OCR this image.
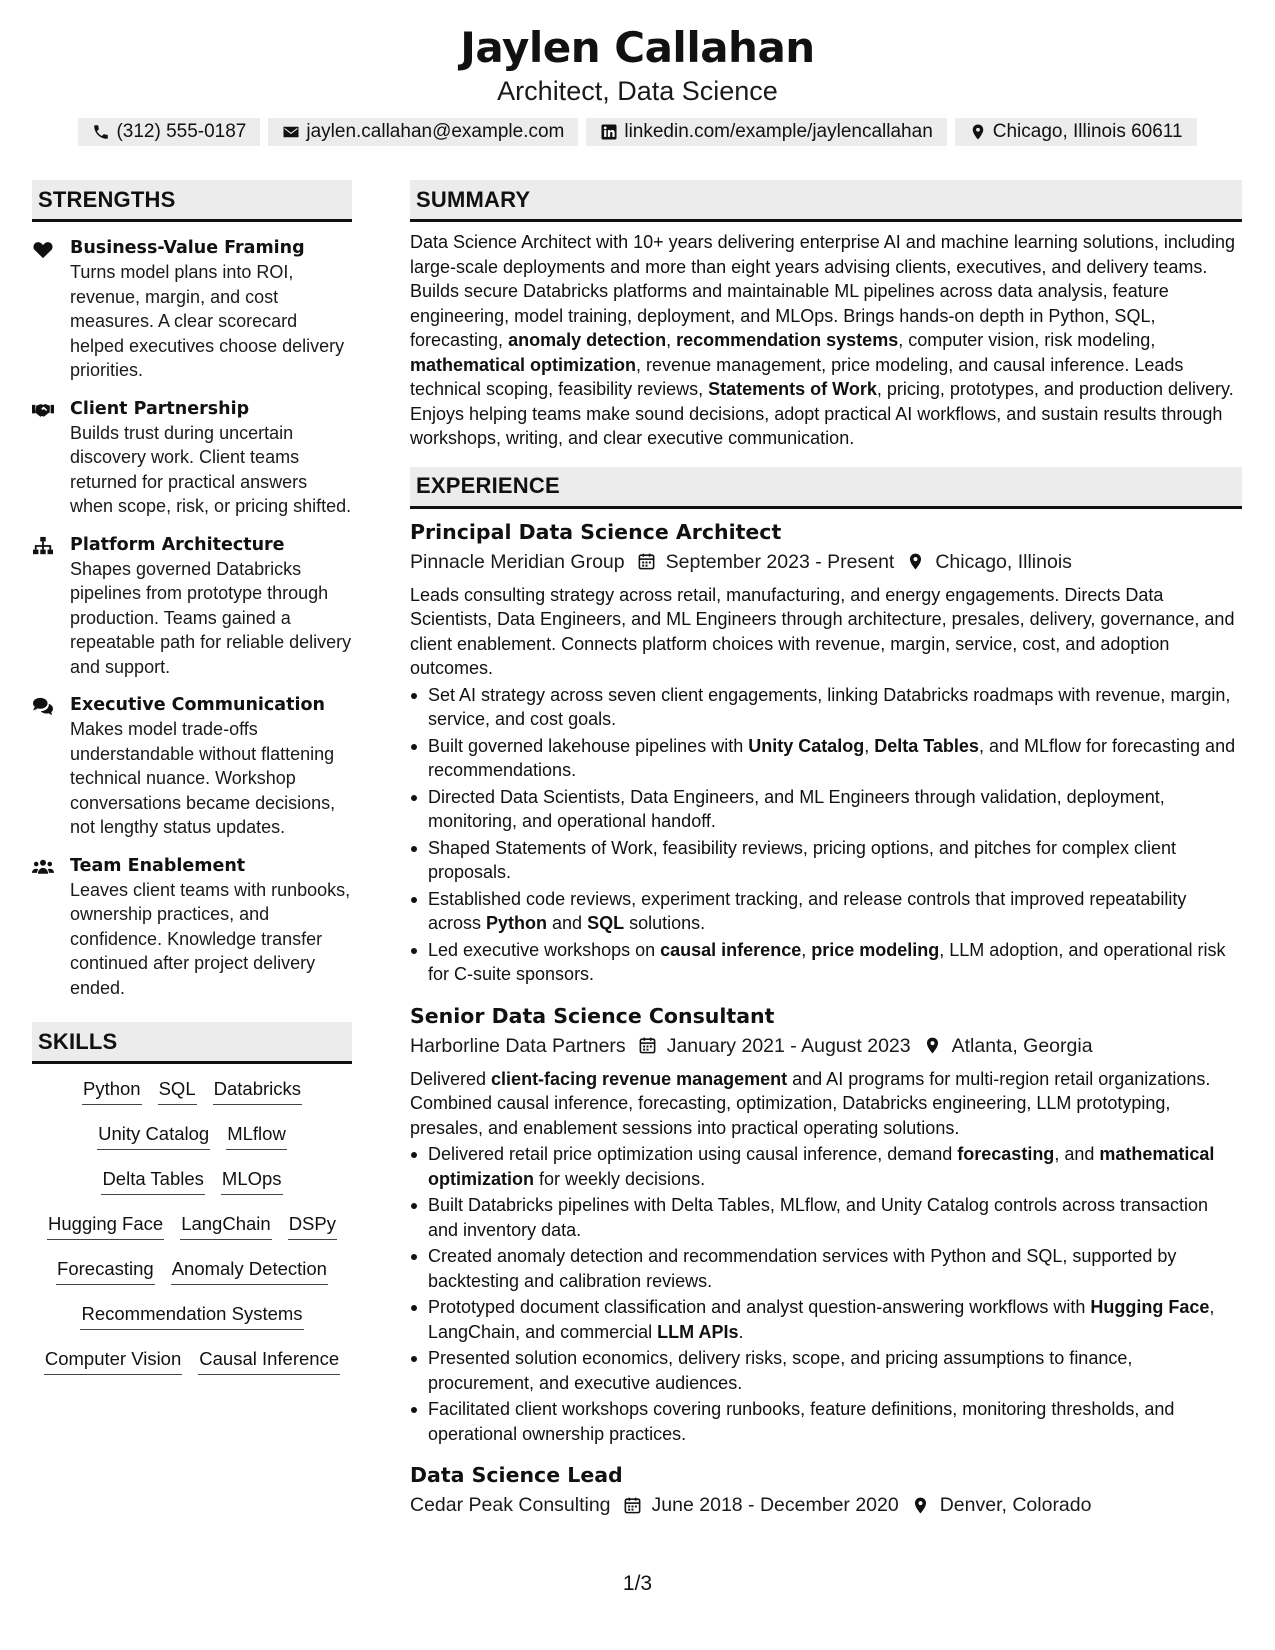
Jaylen Callahan
Architect, Data Science
(312) 555-0187	jaylen.callahan@example.com	linkedin.com/example/jaylencallahan	Chicago, Illinois 60611
STRENGTHS
Business-Value Framing
Turns model plans into ROI, revenue, margin, and cost measures. A clear scorecard helped executives choose delivery priorities.
Client Partnership
Builds trust during uncertain discovery work. Client teams returned for practical answers when scope, risk, or pricing shifted.
Platform Architecture
Shapes governed Databricks pipelines from prototype through production. Teams gained a repeatable path for reliable delivery and support.
Executive Communication
Makes model trade-offs understandable without flattening technical nuance. Workshop conversations became decisions, not lengthy status updates.
Team Enablement
Leaves client teams with runbooks, ownership practices, and confidence. Knowledge transfer continued after project delivery ended.
SKILLS
Python SQL Databricks
Unity Catalog MLflow
Delta Tables MLOps
Hugging Face LangChain DSPy
Forecasting Anomaly Detection
Recommendation Systems
Computer Vision Causal Inference
SUMMARY
Data Science Architect with 10+ years delivering enterprise AI and machine learning solutions, including large-scale deployments and more than eight years advising clients, executives, and delivery teams. Builds secure Databricks platforms and maintainable ML pipelines across data analysis, feature engineering, model training, deployment, and MLOps. Brings hands-on depth in Python, SQL, forecasting, anomaly detection, recommendation systems, computer vision, risk modeling, mathematical optimization, revenue management, price modeling, and causal inference. Leads technical scoping, feasibility reviews, Statements of Work, pricing, prototypes, and production delivery. Enjoys helping teams make sound decisions, adopt practical AI workflows, and sustain results through workshops, writing, and clear executive communication.
EXPERIENCE
Principal Data Science Architect
Pinnacle Meridian Group September 2023 - Present Chicago, Illinois
Leads consulting strategy across retail, manufacturing, and energy engagements. Directs Data Scientists, Data Engineers, and ML Engineers through architecture, presales, delivery, governance, and client enablement. Connects platform choices with revenue, margin, service, cost, and adoption outcomes.
Set AI strategy across seven client engagements, linking Databricks roadmaps with revenue, margin, service, and cost goals.
Built governed lakehouse pipelines with Unity Catalog, Delta Tables, and MLflow for forecasting and recommendations.
Directed Data Scientists, Data Engineers, and ML Engineers through validation, deployment, monitoring, and operational handoff.
Shaped Statements of Work, feasibility reviews, pricing options, and pitches for complex client proposals.
Established code reviews, experiment tracking, and release controls that improved repeatability across Python and SQL solutions.
Led executive workshops on causal inference, price modeling, LLM adoption, and operational risk for C-suite sponsors.
Senior Data Science Consultant
Harborline Data Partners January 2021 - August 2023 Atlanta, Georgia
Delivered client-facing revenue management and AI programs for multi-region retail organizations. Combined causal inference, forecasting, optimization, Databricks engineering, LLM prototyping, presales, and enablement sessions into practical operating solutions.
Delivered retail price optimization using causal inference, demand forecasting, and mathematical optimization for weekly decisions.
Built Databricks pipelines with Delta Tables, MLflow, and Unity Catalog controls across transaction and inventory data.
Created anomaly detection and recommendation services with Python and SQL, supported by backtesting and calibration reviews.
Prototyped document classification and analyst question-answering workflows with Hugging Face, LangChain, and commercial LLM APIs.
Presented solution economics, delivery risks, scope, and pricing assumptions to finance, procurement, and executive audiences.
Facilitated client workshops covering runbooks, feature definitions, monitoring thresholds, and operational ownership practices.
Data Science Lead
Cedar Peak Consulting June 2018 - December 2020 Denver, Colorado
1/3
